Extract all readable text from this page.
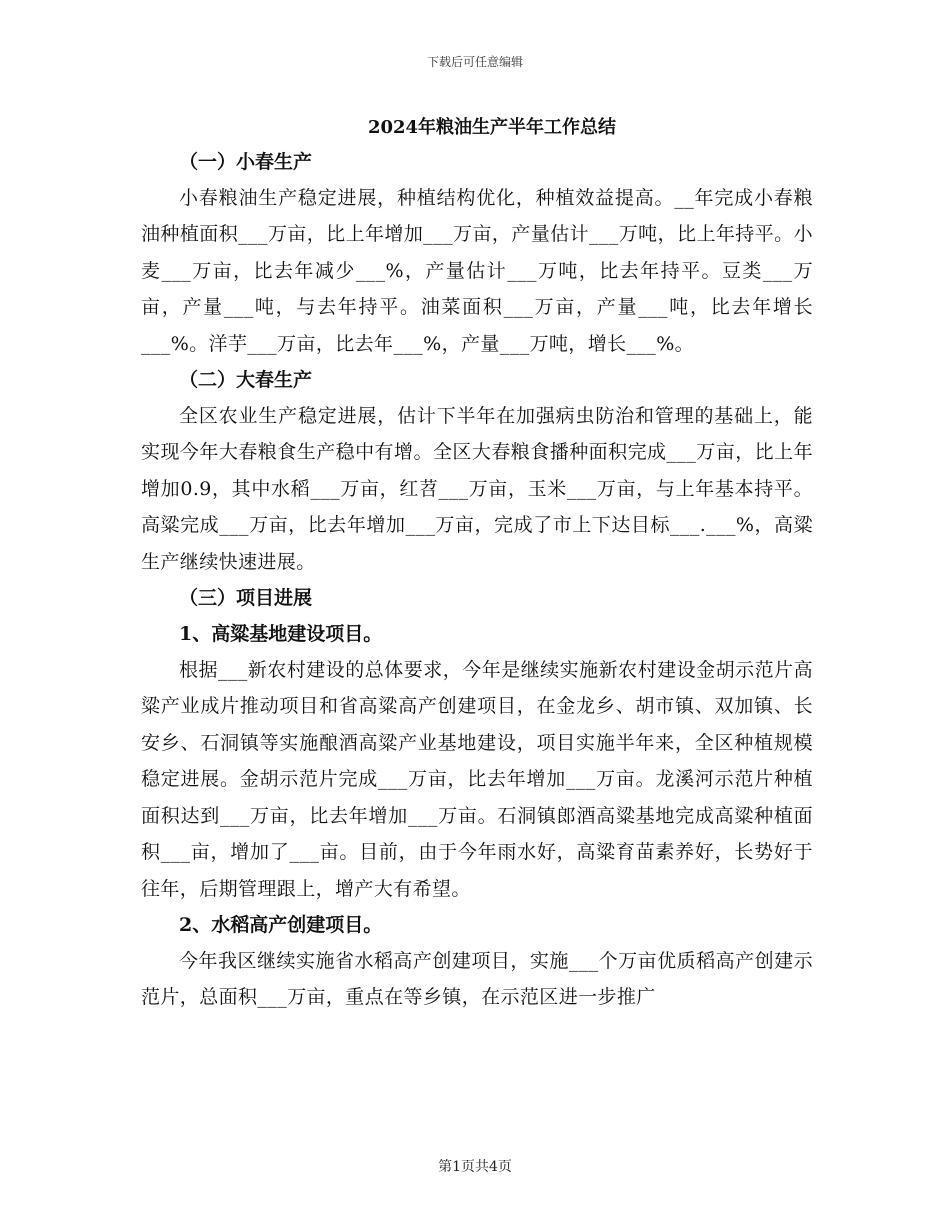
下载后可任意编辑
2024年粮油生产半年工作总结
（一）小春生产

小春粮油生产稳定进展，种植结构优化，种植效益提高。__年完成小春粮油种植面积___万亩，比上年增加___万亩，产量估计___万吨，比上年持平。小麦___万亩，比去年减少___%，产量估计___万吨，比去年持平。豆类___万亩，产量___吨，与去年持平。油菜面积___万亩，产量___吨，比去年增长___%。洋芋___万亩，比去年___%，产量___万吨，增长___%。

（二）大春生产

全区农业生产稳定进展，估计下半年在加强病虫防治和管理的基础上，能实现今年大春粮食生产稳中有增。全区大春粮食播种面积完成___万亩，比上年增加0.9，其中水稻___万亩，红苕___万亩，玉米___万亩，与上年基本持平。高粱完成___万亩，比去年增加___万亩，完成了市上下达目标___.___%，高粱生产继续快速进展。

（三）项目进展
1、高粱基地建设项目。

根据___新农村建设的总体要求，今年是继续实施新农村建设金胡示范片高粱产业成片推动项目和省高粱高产创建项目，在金龙乡、胡市镇、双加镇、长安乡、石洞镇等实施酿酒高粱产业基地建设，项目实施半年来，全区种植规模稳定进展。金胡示范片完成___万亩，比去年增加___万亩。龙溪河示范片种植面积达到___万亩，比去年增加___万亩。石洞镇郎酒高粱基地完成高粱种植面积___亩，增加了___亩。目前，由于今年雨水好，高粱育苗素养好，长势好于往年，后期管理跟上，增产大有希望。

2、水稻高产创建项目。

今年我区继续实施省水稻高产创建项目，实施___个万亩优质稻高产创建示范片，总面积___万亩，重点在等乡镇，在示范区进一步推广

第1页共4页
